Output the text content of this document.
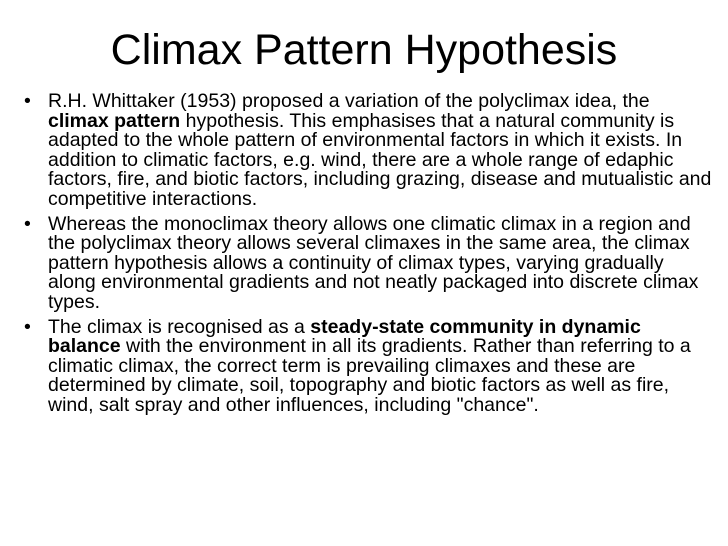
Climax Pattern Hypothesis
• R.H. Whittaker (1953) proposed a variation of the polyclimax idea, the climax pattern hypothesis. This emphasises that a natural community is adapted to the whole pattern of environmental factors in which it exists. In addition to climatic factors, e.g. wind, there are a whole range of edaphic factors, fire, and biotic factors, including grazing, disease and mutualistic and competitive interactions.
• Whereas the monoclimax theory allows one climatic climax in a region and the polyclimax theory allows several climaxes in the same area, the climax pattern hypothesis allows a continuity of climax types, varying gradually along environmental gradients and not neatly packaged into discrete climax types.
• The climax is recognised as a steady-state community in dynamic balance with the environment in all its gradients. Rather than referring to a climatic climax, the correct term is prevailing climaxes and these are determined by climate, soil, topography and biotic factors as well as fire, wind, salt spray and other influences, including "chance".
